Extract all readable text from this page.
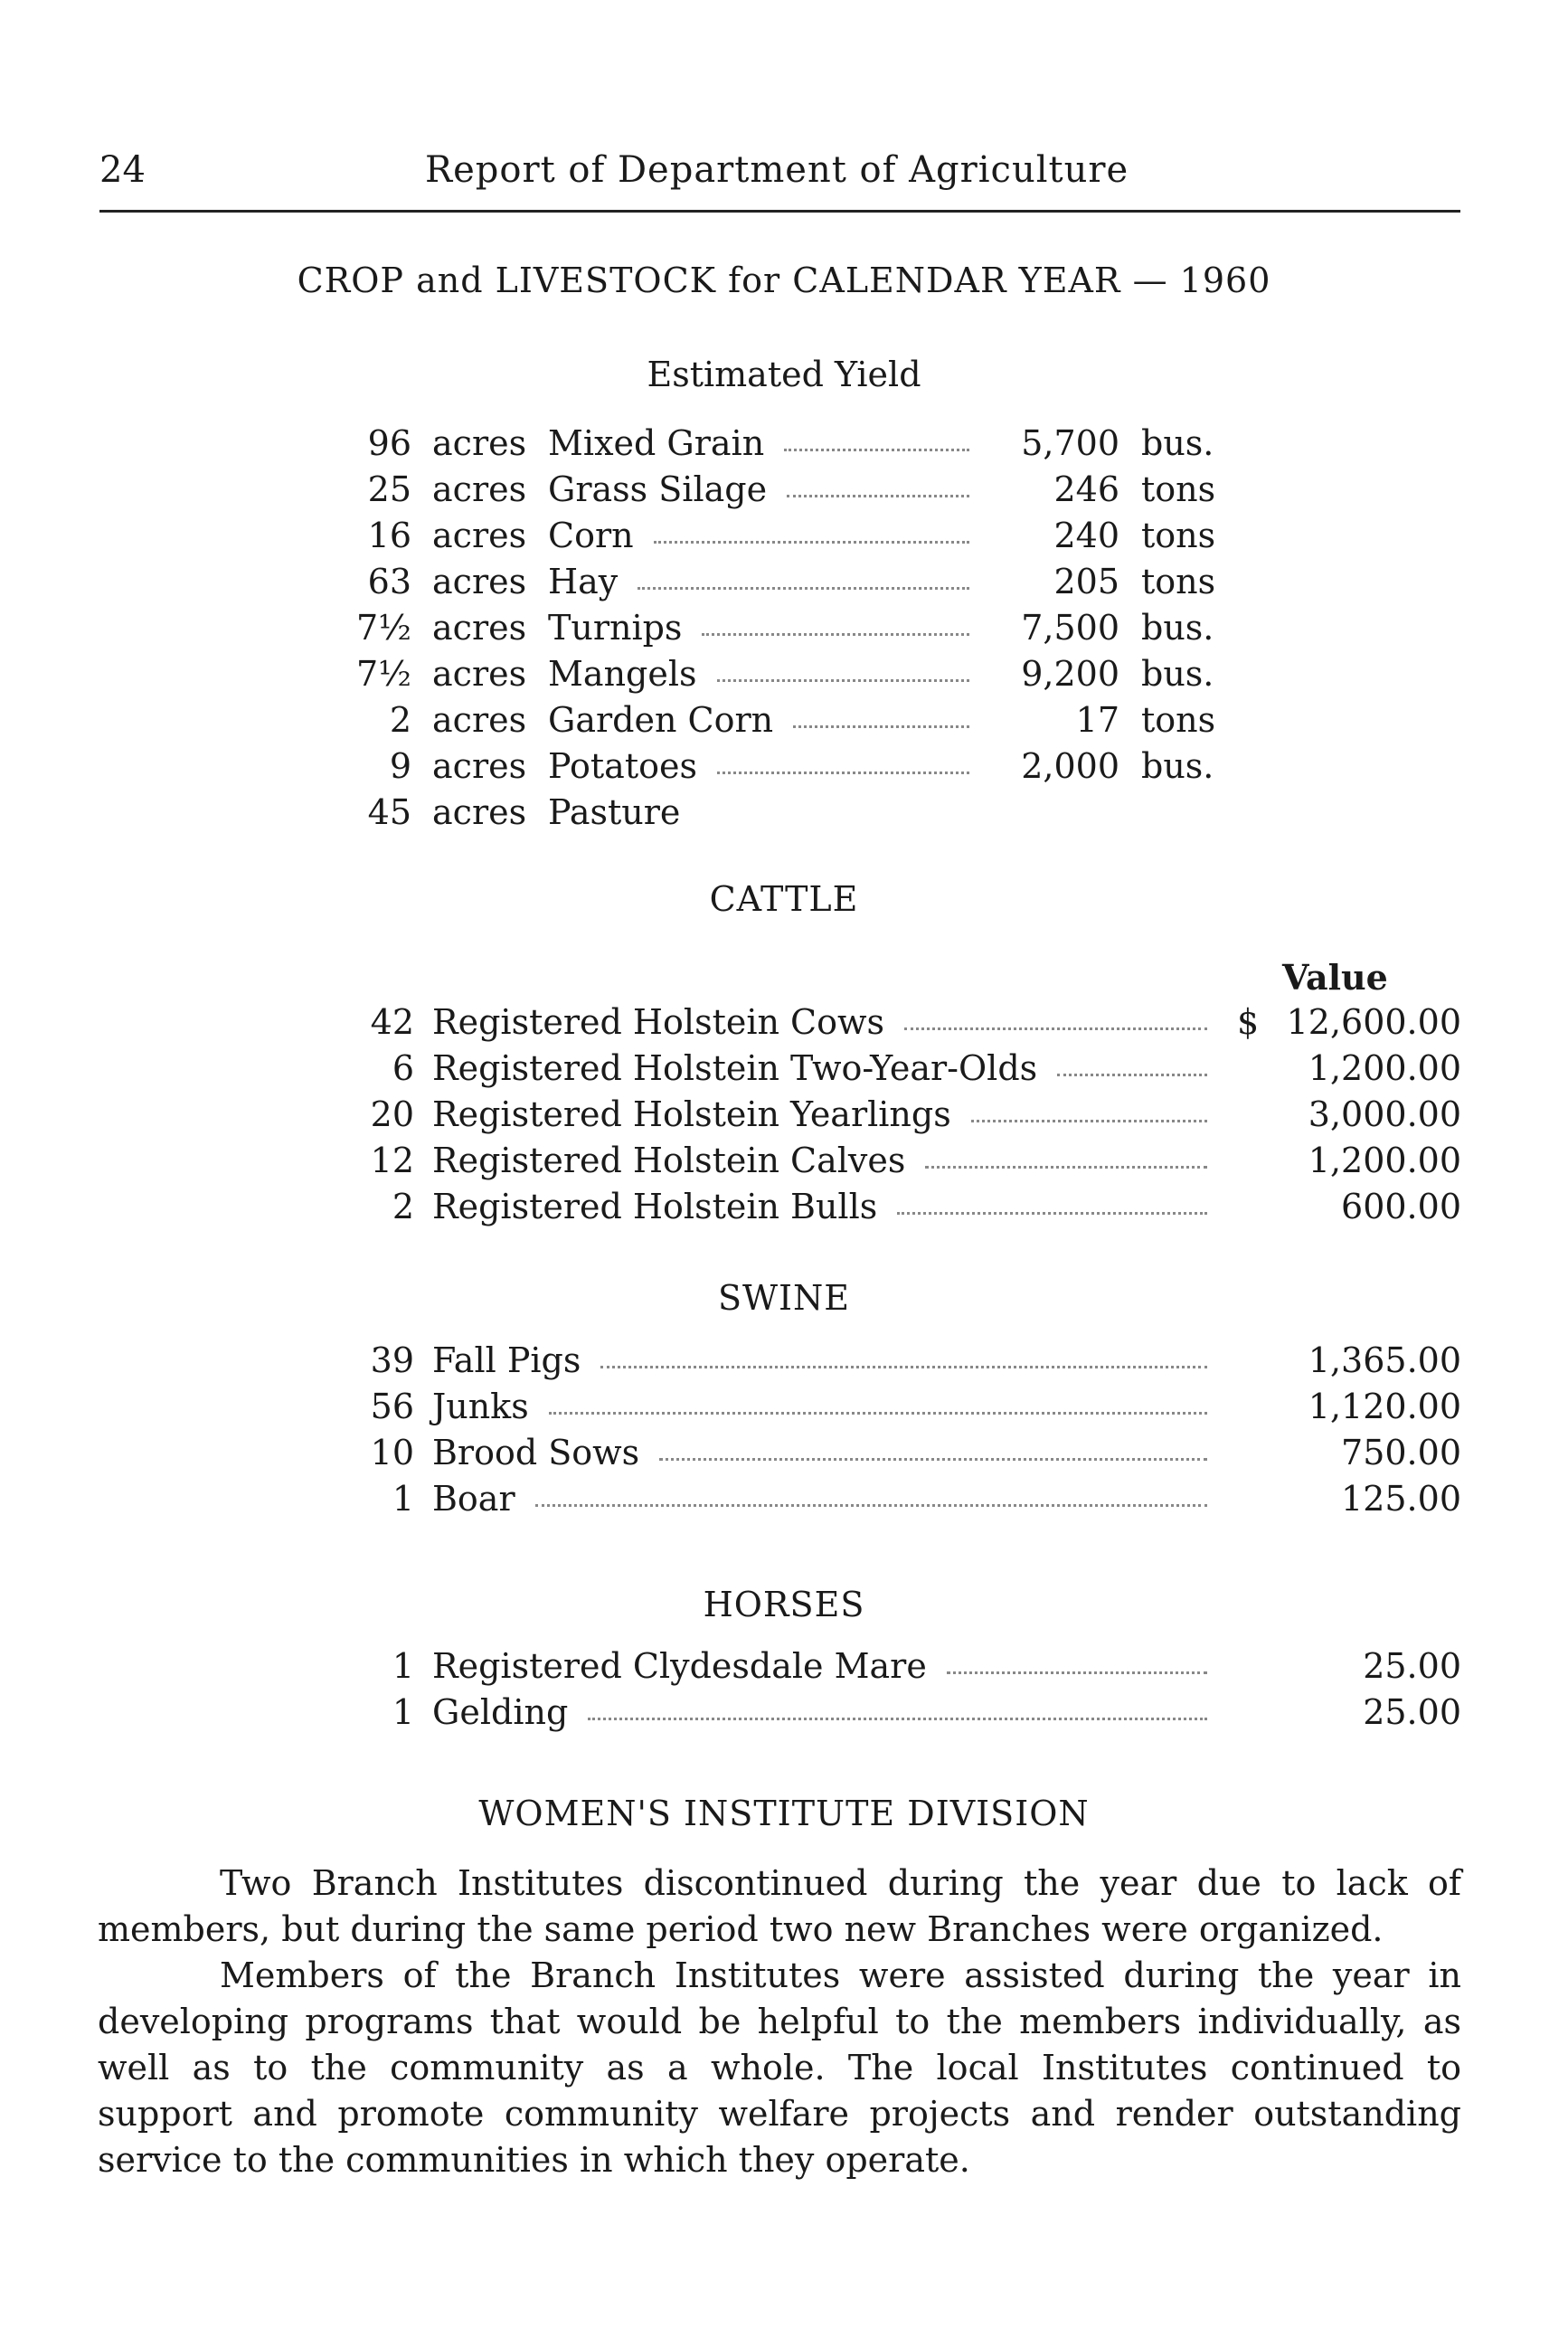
24	Report of Department of Agriculture
CROP and LIVESTOCK for CALENDAR YEAR — 1960
Estimated Yield
96 acres Mixed Grain	5,700 bus.
25 acres Grass Silage	246 tons
16 acres Corn	240 tons
63 acres Hay	205 tons
7½ acres Turnips	7,500 bus.
7½ acres Mangels	9,200 bus.
2 acres Garden Corn	17 tons
9 acres Potatoes	2,000 bus.
45 acres Pasture
CATTLE
Value
42 Registered Holstein Cows	$ 12,600.00
6 Registered Holstein Two-Year-Olds	1,200.00
20 Registered Holstein Yearlings	3,000.00
12 Registered Holstein Calves	1,200.00
2 Registered Holstein Bulls	600.00
SWINE
39 Fall Pigs	1,365.00
56 Junks	1,120.00
10 Brood Sows	750.00
1 Boar	125.00
HORSES
1 Registered Clydesdale Mare	25.00
1 Gelding	25.00
WOMEN'S INSTITUTE DIVISION

Two Branch Institutes discontinued during the year due to lack of members, but during the same period two new Branches were organized.

Members of the Branch Institutes were assisted during the year in developing programs that would be helpful to the members individually, as well as to the community as a whole. The local Institutes continued to support and promote community welfare projects and render outstanding service to the communities in which they operate.
